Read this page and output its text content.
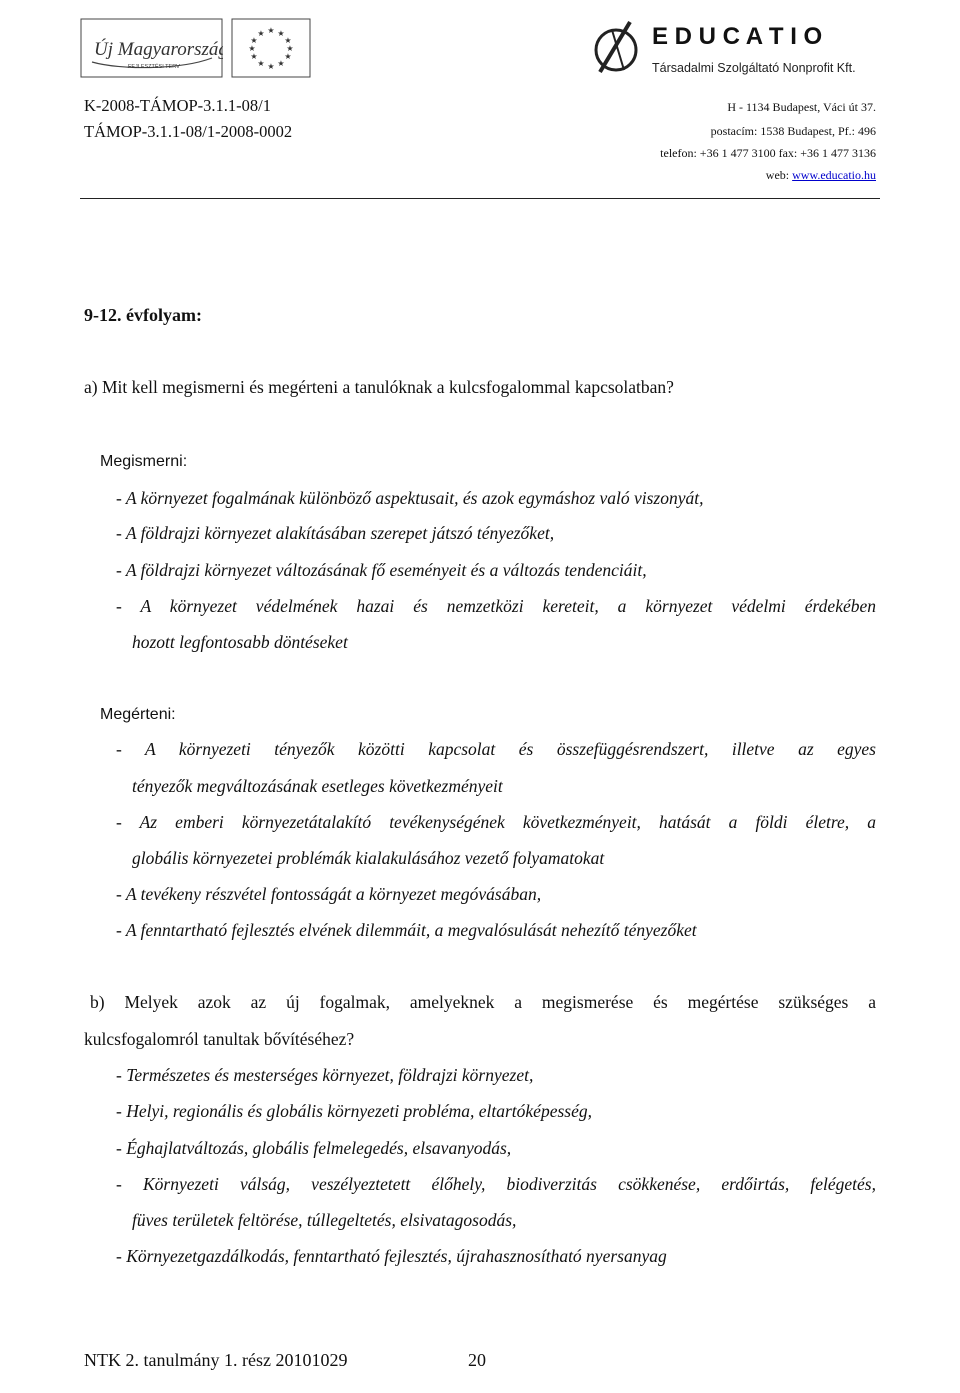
Új Magyarország
FEJLESZTÉSI TERV
★ ★
★
★
★
★
★
★
★
★
★
★	E D U C A T I O
Társadalmi Szolgáltató Nonprofit Kft.
K-2008-TÁMOP-3.1.1-08/1
TÁMOP-3.1.1-08/1-2008-0002
H - 1134 Budapest, Váci út 37.
postacím: 1538 Budapest, Pf.: 496
telefon: +36 1 477 3100 fax: +36 1 477 3136
web: www.educatio.hu
9-12. évfolyam:
a) Mit kell megismerni és megérteni a tanulóknak a kulcsfogalommal kapcsolatban?
Megismerni:
- A környezet fogalmának különböző aspektusait, és azok egymáshoz való viszonyát,
- A földrajzi környezet alakításában szerepet játszó tényezőket,
- A földrajzi környezet változásának fő eseményeit és a változás tendenciáit,
- A környezet védelmének hazai és nemzetközi kereteit, a környezet védelmi érdekében
hozott legfontosabb döntéseket
Megérteni:
- A környezeti tényezők közötti kapcsolat és összefüggésrendszert, illetve az egyes
tényezők megváltozásának esetleges következményeit
- Az emberi környezetátalakító tevékenységének következményeit, hatását a földi életre, a
globális környezetei problémák kialakulásához vezető folyamatokat
- A tevékeny részvétel fontosságát a környezet megóvásában,
- A fenntartható fejlesztés elvének dilemmáit, a megvalósulását nehezítő tényezőket
b) Melyek azok az új fogalmak, amelyeknek a megismerése és megértése szükséges a
kulcsfogalomról tanultak bővítéséhez?
- Természetes és mesterséges környezet, földrajzi környezet,
- Helyi, regionális és globális környezeti probléma, eltartóképesség,
- Éghajlatváltozás, globális felmelegedés, elsavanyodás,
- Környezeti válság, veszélyeztetett élőhely, biodiverzitás csökkenése, erdőirtás, felégetés,
füves területek feltörése, túllegeltetés, elsivatagosodás,
- Környezetgazdálkodás, fenntartható fejlesztés, újrahasznosítható nyersanyag
NTK 2. tanulmány 1. rész 20101029	20
